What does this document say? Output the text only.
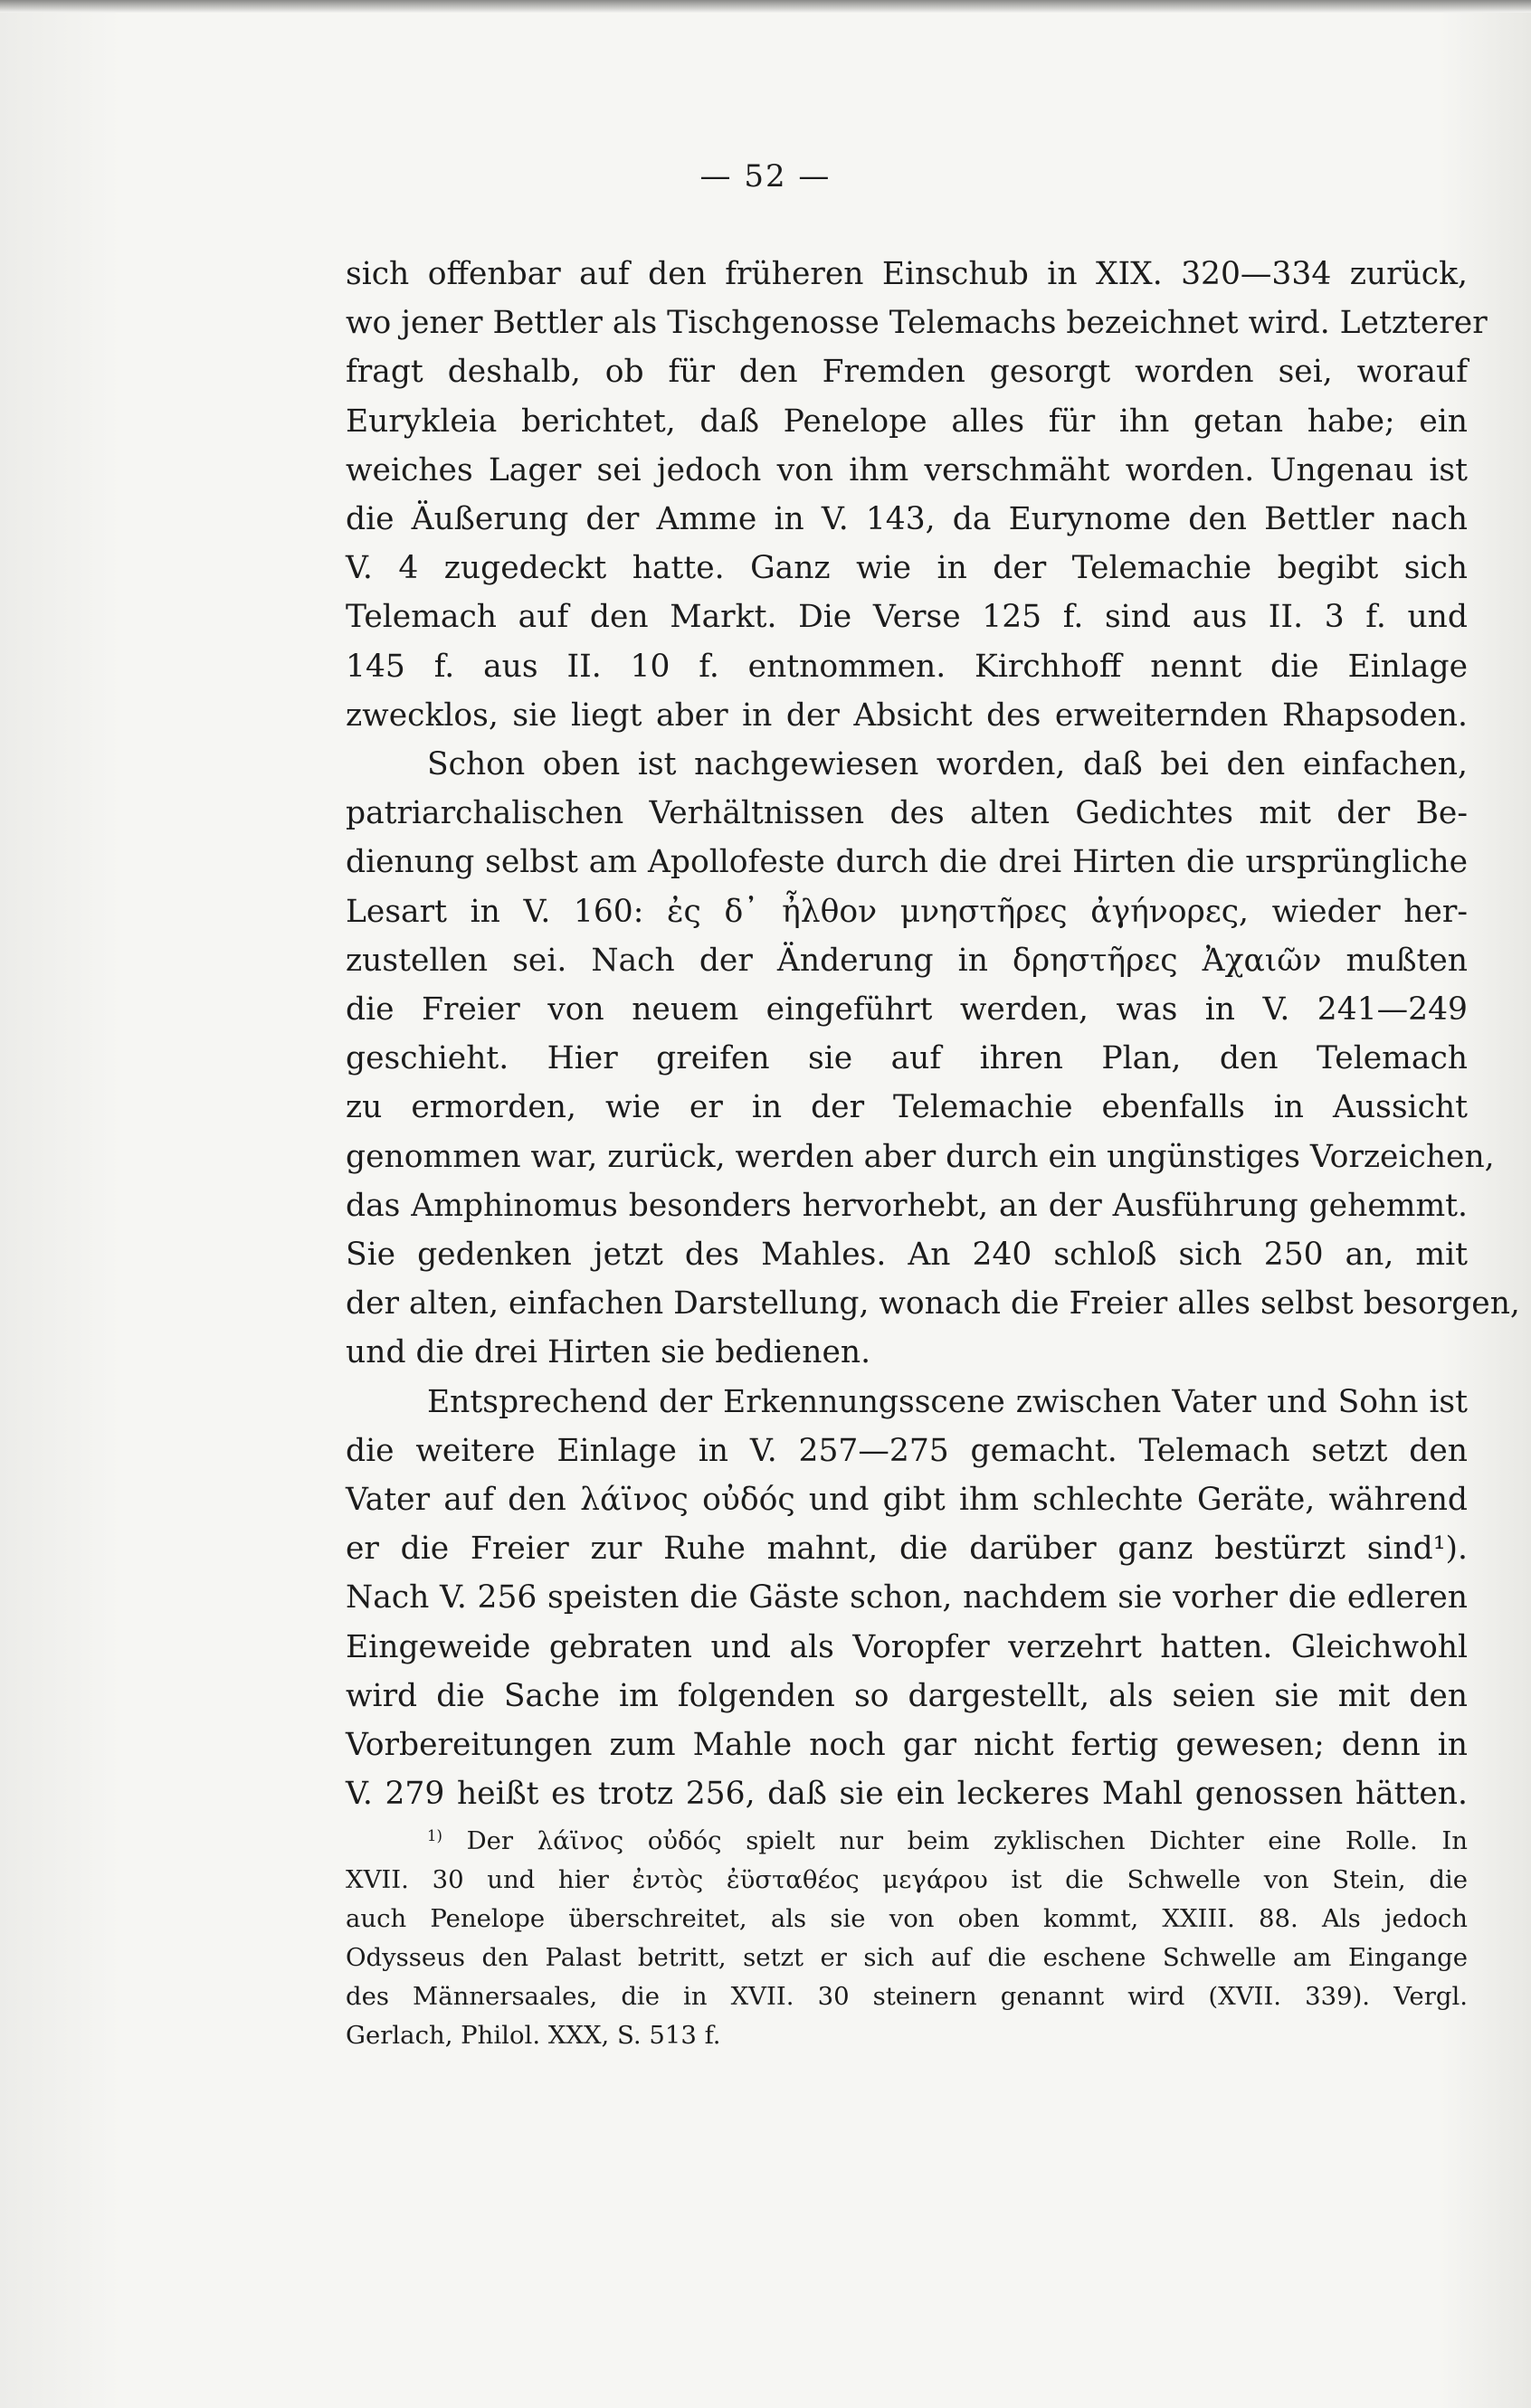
— 52 —
sich offenbar auf den früheren Einschub in XIX. 320—334 zurück,
wo jener Bettler als Tischgenosse Telemachs bezeichnet wird. Letzterer
fragt deshalb, ob für den Fremden gesorgt worden sei, worauf
Eurykleia berichtet, daß Penelope alles für ihn getan habe; ein
weiches Lager sei jedoch von ihm verschmäht worden. Ungenau ist
die Äußerung der Amme in V. 143, da Eurynome den Bettler nach
V. 4 zugedeckt hatte. Ganz wie in der Telemachie begibt sich
Telemach auf den Markt. Die Verse 125 f. sind aus II. 3 f. und
145 f. aus II. 10 f. entnommen. Kirchhoff nennt die Einlage
zwecklos, sie liegt aber in der Absicht des erweiternden Rhapsoden.
Schon oben ist nachgewiesen worden, daß bei den einfachen,
patriarchalischen Verhältnissen des alten Gedichtes mit der Be-
dienung selbst am Apollofeste durch die drei Hirten die ursprüngliche
Lesart in V. 160: ἐς δ᾽ ἦλθον μνηστῆρες ἀγήνορες, wieder her-
zustellen sei. Nach der Änderung in δρηστῆρες Ἀχαιῶν mußten
die Freier von neuem eingeführt werden, was in V. 241—249
geschieht. Hier greifen sie auf ihren Plan, den Telemach
zu ermorden, wie er in der Telemachie ebenfalls in Aussicht
genommen war, zurück, werden aber durch ein ungünstiges Vorzeichen,
das Amphinomus besonders hervorhebt, an der Ausführung gehemmt.
Sie gedenken jetzt des Mahles. An 240 schloß sich 250 an, mit
der alten, einfachen Darstellung, wonach die Freier alles selbst besorgen,
und die drei Hirten sie bedienen.
Entsprechend der Erkennungsscene zwischen Vater und Sohn ist
die weitere Einlage in V. 257—275 gemacht. Telemach setzt den
Vater auf den λάϊνος οὐδός und gibt ihm schlechte Geräte, während
er die Freier zur Ruhe mahnt, die darüber ganz bestürzt sind¹).
Nach V. 256 speisten die Gäste schon, nachdem sie vorher die edleren
Eingeweide gebraten und als Voropfer verzehrt hatten. Gleichwohl
wird die Sache im folgenden so dargestellt, als seien sie mit den
Vorbereitungen zum Mahle noch gar nicht fertig gewesen; denn in
V. 279 heißt es trotz 256, daß sie ein leckeres Mahl genossen hätten.
$^{1)}$ Der λάϊνος οὐδός spielt nur beim zyklischen Dichter eine Rolle. In
XVII. 30 und hier ἐντὸς ἐϋσταθέος μεγάρου ist die Schwelle von Stein, die
auch Penelope überschreitet, als sie von oben kommt, XXIII. 88. Als jedoch
Odysseus den Palast betritt, setzt er sich auf die eschene Schwelle am Eingange
des Männersaales, die in XVII. 30 steinern genannt wird (XVII. 339). Vergl.
Gerlach, Philol. XXX, S. 513 f.
